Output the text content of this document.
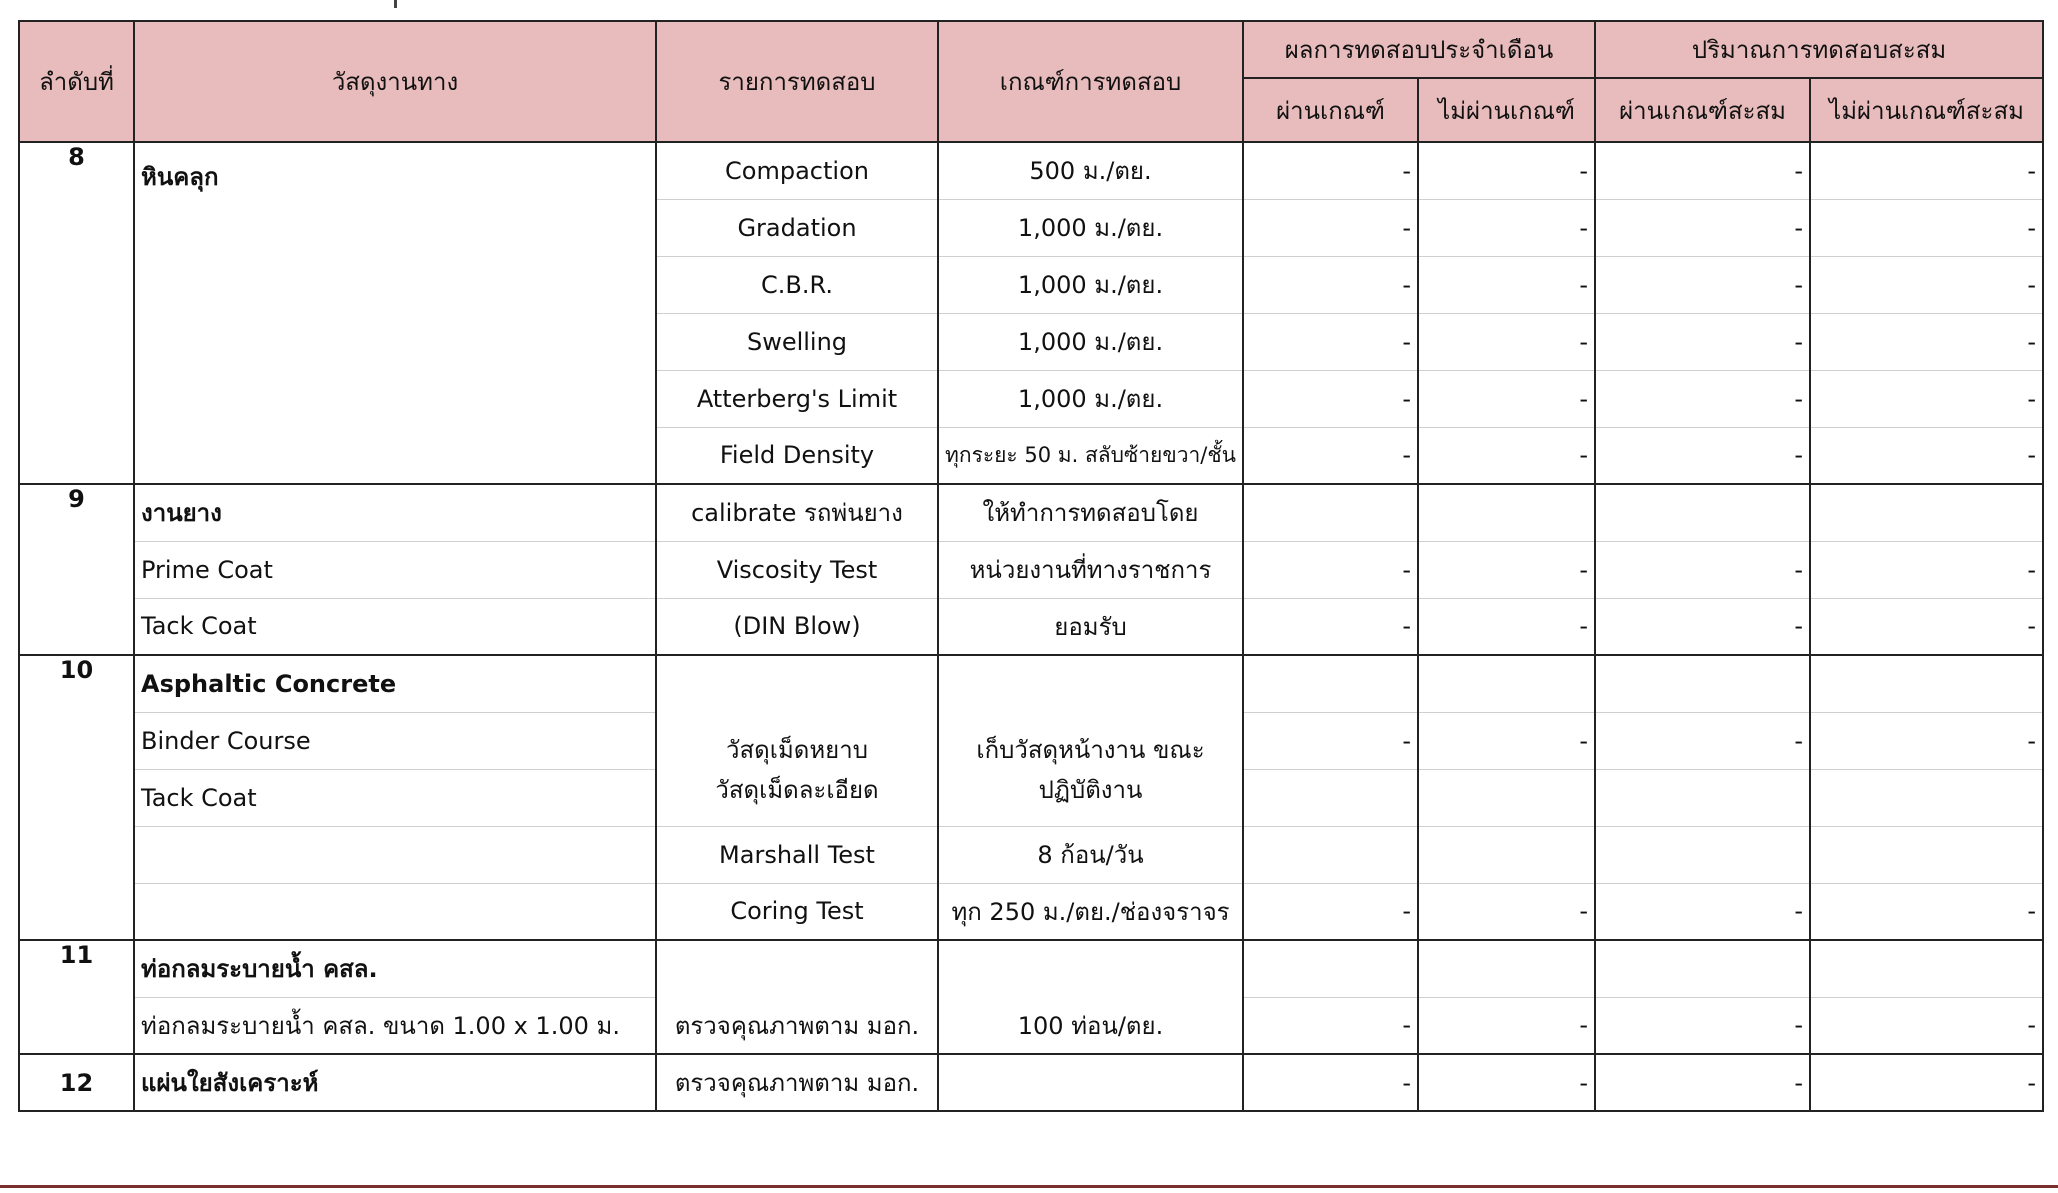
ลำดับที่	วัสดุงานทาง	รายการทดสอบ	เกณฑ์การทดสอบ	ผลการทดสอบประจำเดือน		ปริมาณการทดสอบสะสม	
				ผ่านเกณฑ์	ไม่ผ่านเกณฑ์	ผ่านเกณฑ์สะสม	ไม่ผ่านเกณฑ์สะสม
8	หินคลุก	Compaction	500 ม./ตย.	-	-	-	-
		Gradation	1,000 ม./ตย.	-	-	-	-
		C.B.R.	1,000 ม./ตย.	-	-	-	-
		Swelling	1,000 ม./ตย.	-	-	-	-
		Atterberg's Limit	1,000 ม./ตย.	-	-	-	-
		Field Density	ทุกระยะ 50 ม. สลับซ้ายขวา/ชั้น	-	-	-	-
9	งานยาง	calibrate รถพ่นยาง	ให้ทำการทดสอบโดย				
	Prime Coat	Viscosity Test	หน่วยงานที่ทางราชการ	-	-	-	-
	Tack Coat	(DIN Blow)	ยอมรับ	-	-	-	-
10	Asphaltic Concrete						
	Binder Course	วัสดุเม็ดหยาบ	เก็บวัสดุหน้างาน ขณะ	-	-	-	-
	Tack Coat	วัสดุเม็ดละเอียด	ปฏิบัติงาน				
		Marshall Test	8 ก้อน/วัน				
		Coring Test	ทุก 250 ม./ตย./ช่องจราจร	-	-	-	-
11	ท่อกลมระบายน้ำ คสล.						
	ท่อกลมระบายน้ำ คสล. ขนาด 1.00 x 1.00 ม.	ตรวจคุณภาพตาม มอก.	100 ท่อน/ตย.	-	-	-	-
12	แผ่นใยสังเคราะห์	ตรวจคุณภาพตาม มอก.		-	-	-	-
